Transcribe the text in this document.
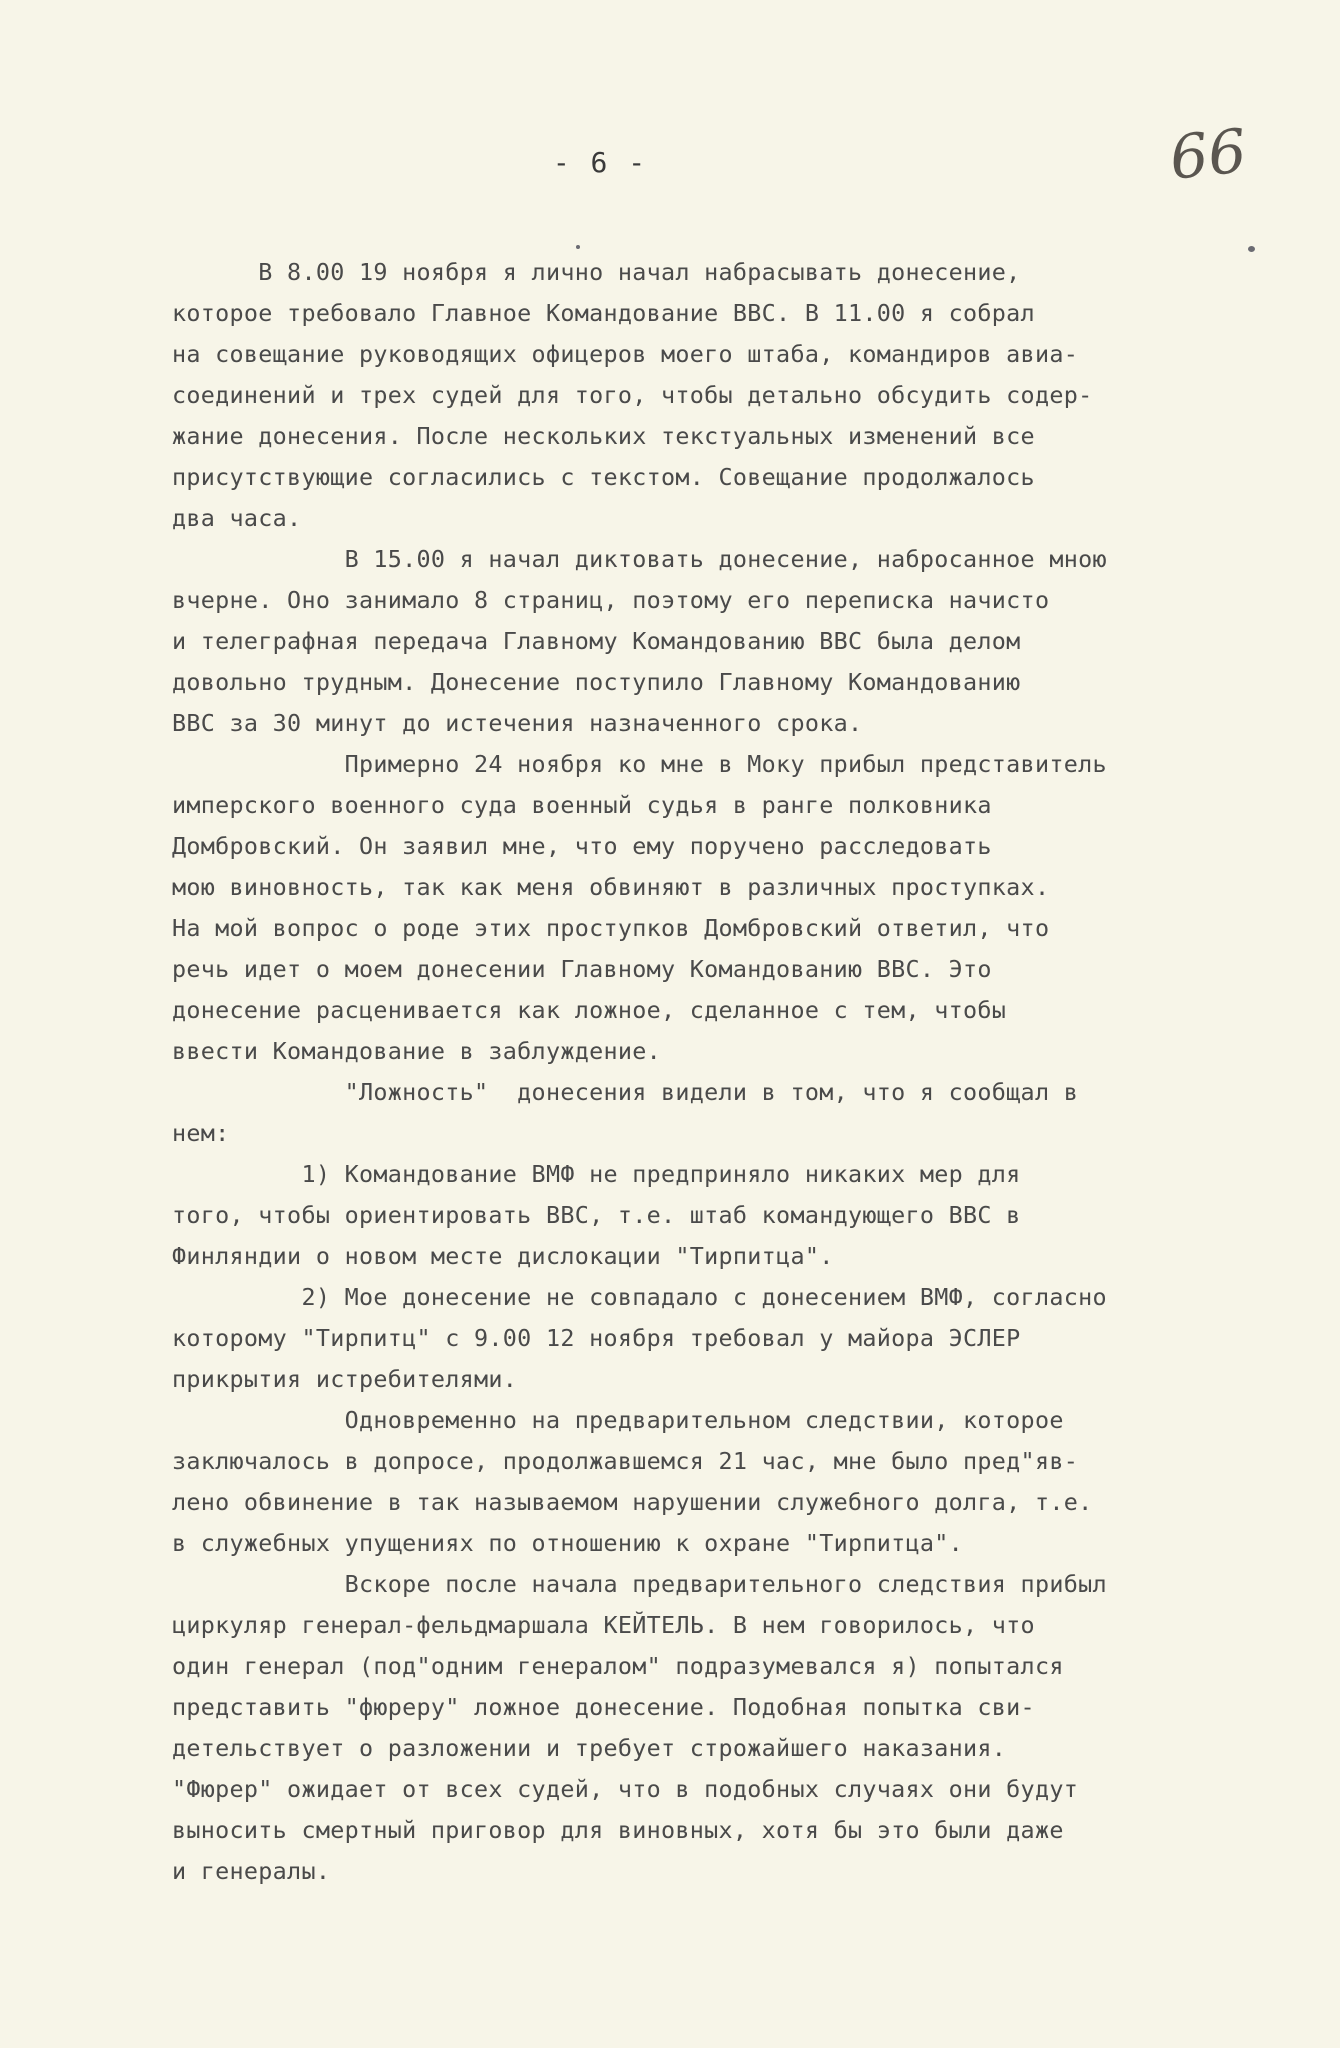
- 6 -	66
В 8.00 19 ноября я лично начал набрасывать донесение,
которое требовало Главное Командование ВВС. В 11.00 я собрал
на совещание руководящих офицеров моего штаба, командиров авиа-
соединений и трех судей для того, чтобы детально обсудить содер-
жание донесения. После нескольких текстуальных изменений все
присутствующие согласились с текстом. Совещание продолжалось
два часа.
В 15.00 я начал диктовать донесение, набросанное мною
вчерне. Оно занимало 8 страниц, поэтому его переписка начисто
и телеграфная передача Главному Командованию ВВС была делом
довольно трудным. Донесение поступило Главному Командованию
ВВС за 30 минут до истечения назначенного срока.
Примерно 24 ноября ко мне в Моку прибыл представитель
имперского военного суда военный судья в ранге полковника
Домбровский. Он заявил мне, что ему поручено расследовать
мою виновность, так как меня обвиняют в различных проступках.
На мой вопрос о роде этих проступков Домбровский ответил, что
речь идет о моем донесении Главному Командованию ВВС. Это
донесение расценивается как ложное, сделанное с тем, чтобы
ввести Командование в заблуждение.
"Ложность"  донесения видели в том, что я сообщал в
нем:
1) Командование ВМФ не предприняло никаких мер для
того, чтобы ориентировать ВВС, т.е. штаб командующего ВВС в
Финляндии о новом месте дислокации "Тирпитца".
2) Мое донесение не совпадало с донесением ВМФ, согласно
которому "Тирпитц" с 9.00 12 ноября требовал у майора ЭСЛЕР
прикрытия истребителями.
Одновременно на предварительном следствии, которое
заключалось в допросе, продолжавшемся 21 час, мне было пред"яв-
лено обвинение в так называемом нарушении служебного долга, т.е.
в служебных упущениях по отношению к охране "Тирпитца".
Вскоре после начала предварительного следствия прибыл
циркуляр генерал-фельдмаршала КЕЙТЕЛЬ. В нем говорилось, что
один генерал (под"одним генералом" подразумевался я) попытался
представить "фюреру" ложное донесение. Подобная попытка сви-
детельствует о разложении и требует строжайшего наказания.
"Фюрер" ожидает от всех судей, что в подобных случаях они будут
выносить смертный приговор для виновных, хотя бы это были даже
и генералы.
